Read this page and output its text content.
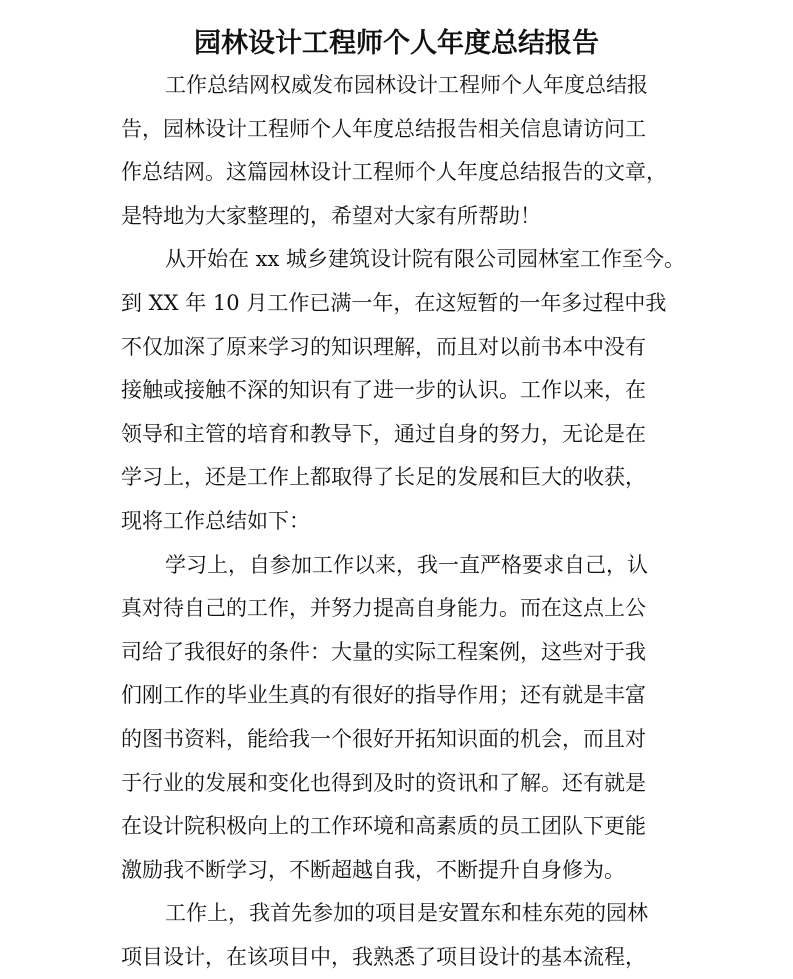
园林设计工程师个人年度总结报告

工作总结网权威发布园林设计工程师个人年度总结报
告，园林设计工程师个人年度总结报告相关信息请访问工
作总结网。这篇园林设计工程师个人年度总结报告的文章，
是特地为大家整理的，希望对大家有所帮助！

从开始在 xx 城乡建筑设计院有限公司园林室工作至今。
到 XX 年 10 月工作已满一年，在这短暂的一年多过程中我
不仅加深了原来学习的知识理解，而且对以前书本中没有
接触或接触不深的知识有了进一步的认识。工作以来，在
领导和主管的培育和教导下，通过自身的努力，无论是在
学习上，还是工作上都取得了长足的发展和巨大的收获，
现将工作总结如下：

学习上，自参加工作以来，我一直严格要求自己，认
真对待自己的工作，并努力提高自身能力。而在这点上公
司给了我很好的条件：大量的实际工程案例，这些对于我
们刚工作的毕业生真的有很好的指导作用；还有就是丰富
的图书资料，能给我一个很好开拓知识面的机会，而且对
于行业的发展和变化也得到及时的资讯和了解。还有就是
在设计院积极向上的工作环境和高素质的员工团队下更能
激励我不断学习，不断超越自我，不断提升自身修为。

工作上，我首先参加的项目是安置东和桂东苑的园林
项目设计，在该项目中，我熟悉了项目设计的基本流程，
